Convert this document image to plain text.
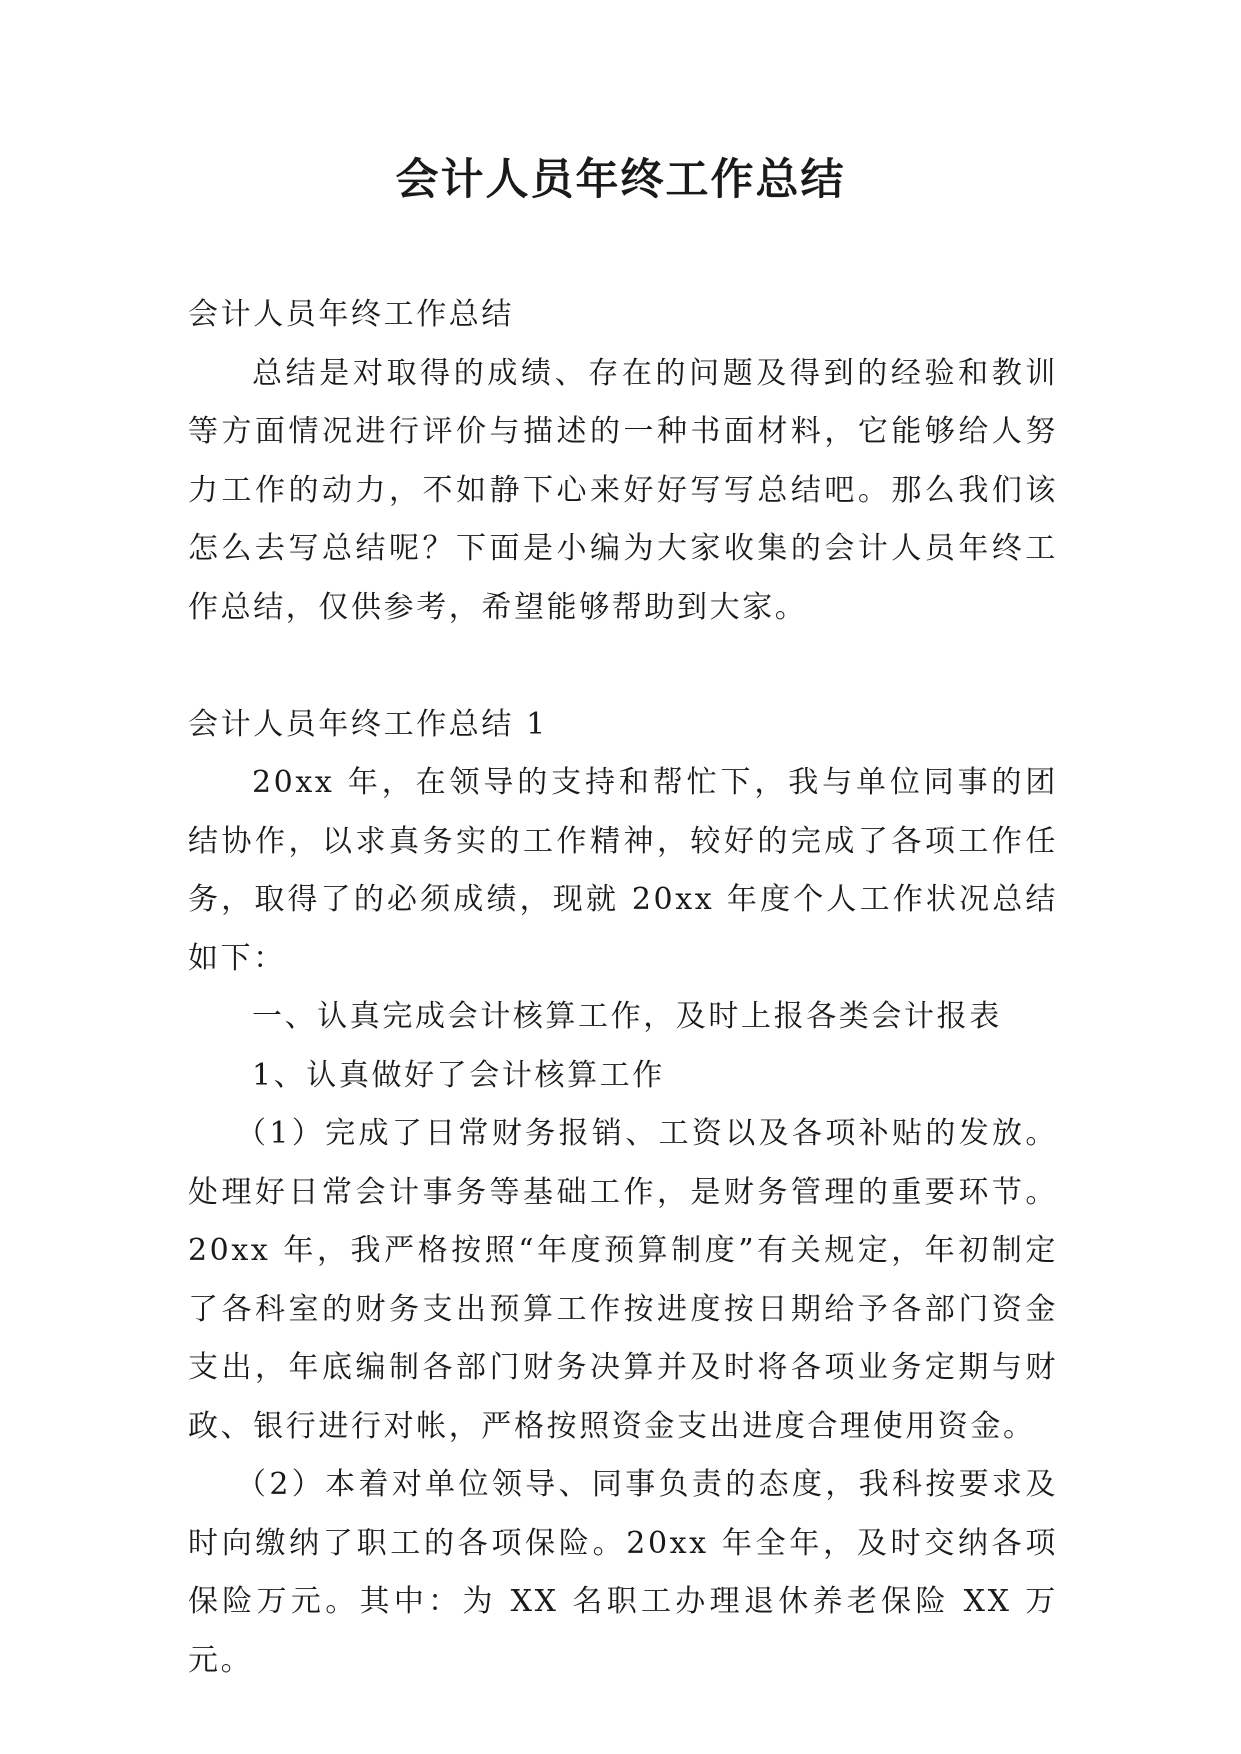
会计人员年终工作总结

会计人员年终工作总结

总结是对取得的成绩、存在的问题及得到的经验和教训等方面情况进行评价与描述的一种书面材料，它能够给人努力工作的动力，不如静下心来好好写写总结吧。那么我们该怎么去写总结呢？下面是小编为大家收集的会计人员年终工作总结，仅供参考，希望能够帮助到大家。

会计人员年终工作总结 1

20xx 年，在领导的支持和帮忙下，我与单位同事的团结协作，以求真务实的工作精神，较好的完成了各项工作任务，取得了的必须成绩，现就 20xx 年度个人工作状况总结如下：

一、认真完成会计核算工作，及时上报各类会计报表

1、认真做好了会计核算工作

（1）完成了日常财务报销、工资以及各项补贴的发放。处理好日常会计事务等基础工作，是财务管理的重要环节。20xx 年，我严格按照“年度预算制度”有关规定，年初制定了各科室的财务支出预算工作按进度按日期给予各部门资金支出，年底编制各部门财务决算并及时将各项业务定期与财政、银行进行对帐，严格按照资金支出进度合理使用资金。

（2）本着对单位领导、同事负责的态度，我科按要求及时向缴纳了职工的各项保险。20xx 年全年，及时交纳各项保险万元。其中：为 XX 名职工办理退休养老保险 XX 万元。
